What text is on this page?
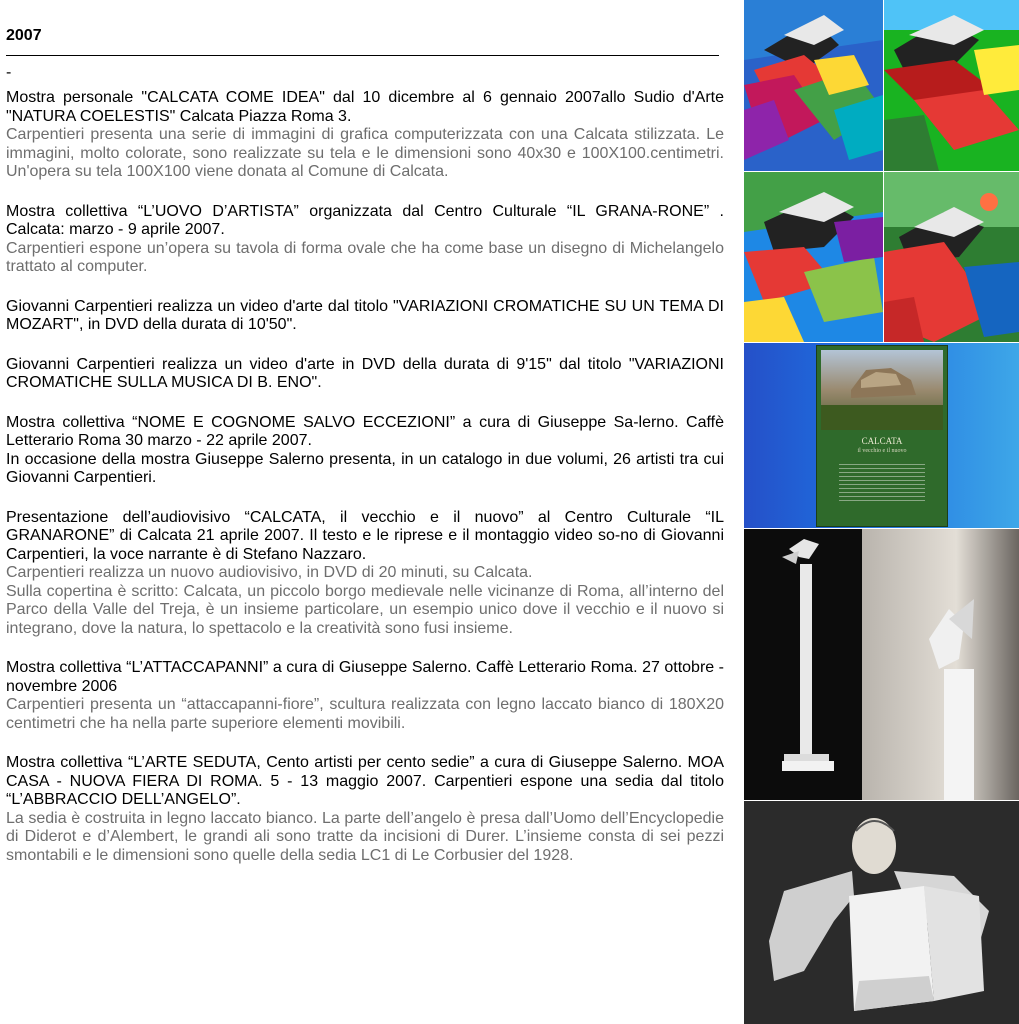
2007
-

Mostra personale "CALCATA COME IDEA" dal 10 dicembre al 6 gennaio 2007allo Sudio d'Arte "NATURA COELESTIS" Calcata Piazza Roma 3.

Carpentieri presenta una serie di immagini di grafica computerizzata con una Calcata stilizzata. Le immagini, molto colorate, sono realizzate su tela e le dimensioni sono 40x30 e 100X100.centimetri. Un'opera su tela 100X100 viene donata al Comune di Calcata.

Mostra collettiva “L’UOVO D’ARTISTA” organizzata dal Centro Culturale “IL GRANA-RONE” . Calcata: marzo - 9 aprile 2007.

Carpentieri espone un’opera su tavola di forma ovale che ha come base un disegno di Michelangelo trattato al computer.

Giovanni Carpentieri realizza un video d'arte dal titolo "VARIAZIONI CROMATICHE SU UN TEMA DI MOZART", in DVD della durata di 10'50".

Giovanni Carpentieri realizza un video d'arte in DVD della durata di 9'15" dal titolo "VARIAZIONI CROMATICHE SULLA MUSICA DI B. ENO".

Mostra collettiva “NOME E COGNOME SALVO ECCEZIONI” a cura di Giuseppe Sa-lerno. Caffè Letterario Roma 30 marzo - 22 aprile 2007.

In occasione della mostra Giuseppe Salerno presenta, in un catalogo in due volumi, 26 artisti tra cui Giovanni Carpentieri.

Presentazione dell’audiovisivo “CALCATA, il vecchio e il nuovo” al Centro Culturale “IL GRANARONE” di Calcata 21 aprile 2007. Il testo e le riprese e il montaggio video so-no di Giovanni Carpentieri, la voce narrante è di Stefano Nazzaro.

Carpentieri realizza un nuovo audiovisivo, in DVD di 20 minuti, su Calcata.

Sulla copertina è scritto: Calcata, un piccolo borgo medievale nelle vicinanze di Roma, all’interno del Parco della Valle del Treja, è un insieme particolare, un esempio unico dove il vecchio e il nuovo si integrano, dove la natura, lo spettacolo e la creatività sono fusi insieme.

Mostra collettiva “L’ATTACCAPANNI” a cura di Giuseppe Salerno. Caffè Letterario Roma. 27 ottobre -novembre 2006

Carpentieri presenta un “attaccapanni-fiore”, scultura realizzata con legno laccato bianco di 180X20 centimetri che ha nella parte superiore elementi movibili.

Mostra collettiva “L’ARTE SEDUTA, Cento artisti per cento sedie” a cura di Giuseppe Salerno. MOA CASA - NUOVA FIERA DI ROMA. 5 - 13 maggio 2007. Carpentieri espone una sedia dal titolo “L’ABBRACCIO DELL’ANGELO”.

La sedia è costruita in legno laccato bianco. La parte dell’angelo è presa dall’Uomo dell’Encyclopedie di Diderot e d’Alembert, le grandi ali sono tratte da incisioni di Durer. L’insieme consta di sei pezzi smontabili e le dimensioni sono quelle della sedia LC1 di Le Corbusier del 1928.

CALCATA
il vecchio e il nuovo
